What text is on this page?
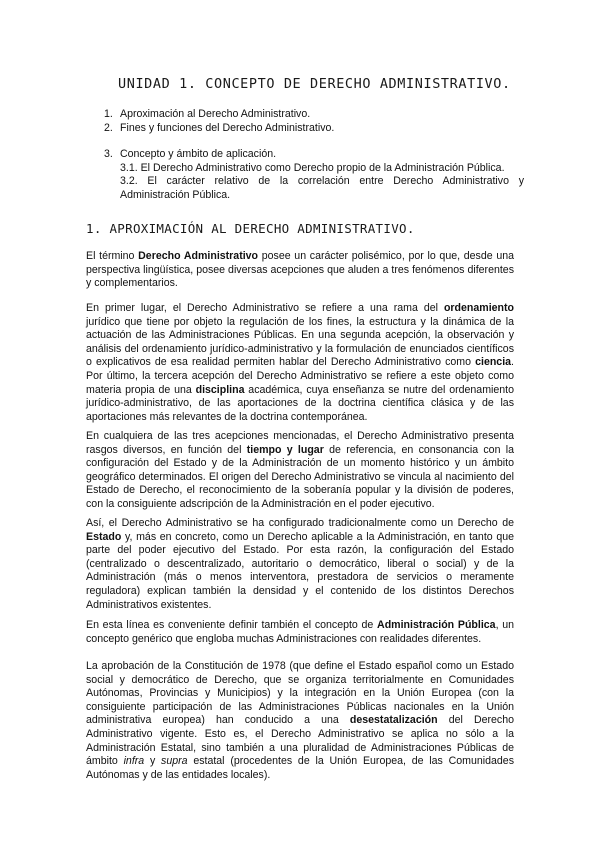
UNIDAD 1. CONCEPTO DE DERECHO ADMINISTRATIVO.
1. Aproximación al Derecho Administrativo.
2. Fines y funciones del Derecho Administrativo.
3. Concepto y ámbito de aplicación.
3.1. El Derecho Administrativo como Derecho propio de la Administración Pública.
3.2. El carácter relativo de la correlación entre Derecho Administrativo y Administración Pública.
1. APROXIMACIÓN AL DERECHO ADMINISTRATIVO.
El término Derecho Administrativo posee un carácter polisémico, por lo que, desde una perspectiva lingüística, posee diversas acepciones que aluden a tres fenómenos diferentes y complementarios.
En primer lugar, el Derecho Administrativo se refiere a una rama del ordenamiento jurídico que tiene por objeto la regulación de los fines, la estructura y la dinámica de la actuación de las Administraciones Públicas. En una segunda acepción, la observación y análisis del ordenamiento jurídico-administrativo y la formulación de enunciados científicos o explicativos de esa realidad permiten hablar del Derecho Administrativo como ciencia. Por último, la tercera acepción del Derecho Administrativo se refiere a este objeto como materia propia de una disciplina académica, cuya enseñanza se nutre del ordenamiento jurídico-administrativo, de las aportaciones de la doctrina científica clásica y de las aportaciones más relevantes de la doctrina contemporánea.
En cualquiera de las tres acepciones mencionadas, el Derecho Administrativo presenta rasgos diversos, en función del tiempo y lugar de referencia, en consonancia con la configuración del Estado y de la Administración de un momento histórico y un ámbito geográfico determinados. El origen del Derecho Administrativo se vincula al nacimiento del Estado de Derecho, el reconocimiento de la soberanía popular y la división de poderes, con la consiguiente adscripción de la Administración en el poder ejecutivo.
Así, el Derecho Administrativo se ha configurado tradicionalmente como un Derecho de Estado y, más en concreto, como un Derecho aplicable a la Administración, en tanto que parte del poder ejecutivo del Estado. Por esta razón, la configuración del Estado (centralizado o descentralizado, autoritario o democrático, liberal o social) y de la Administración (más o menos interventora, prestadora de servicios o meramente reguladora) explican también la densidad y el contenido de los distintos Derechos Administrativos existentes.
En esta línea es conveniente definir también el concepto de Administración Pública, un concepto genérico que engloba muchas Administraciones con realidades diferentes.
La aprobación de la Constitución de 1978 (que define el Estado español como un Estado social y democrático de Derecho, que se organiza territorialmente en Comunidades Autónomas, Provincias y Municipios) y la integración en la Unión Europea (con la consiguiente participación de las Administraciones Públicas nacionales en la Unión administrativa europea) han conducido a una desestatalización del Derecho Administrativo vigente. Esto es, el Derecho Administrativo se aplica no sólo a la Administración Estatal, sino también a una pluralidad de Administraciones Públicas de ámbito infra y supra estatal (procedentes de la Unión Europea, de las Comunidades Autónomas y de las entidades locales).
